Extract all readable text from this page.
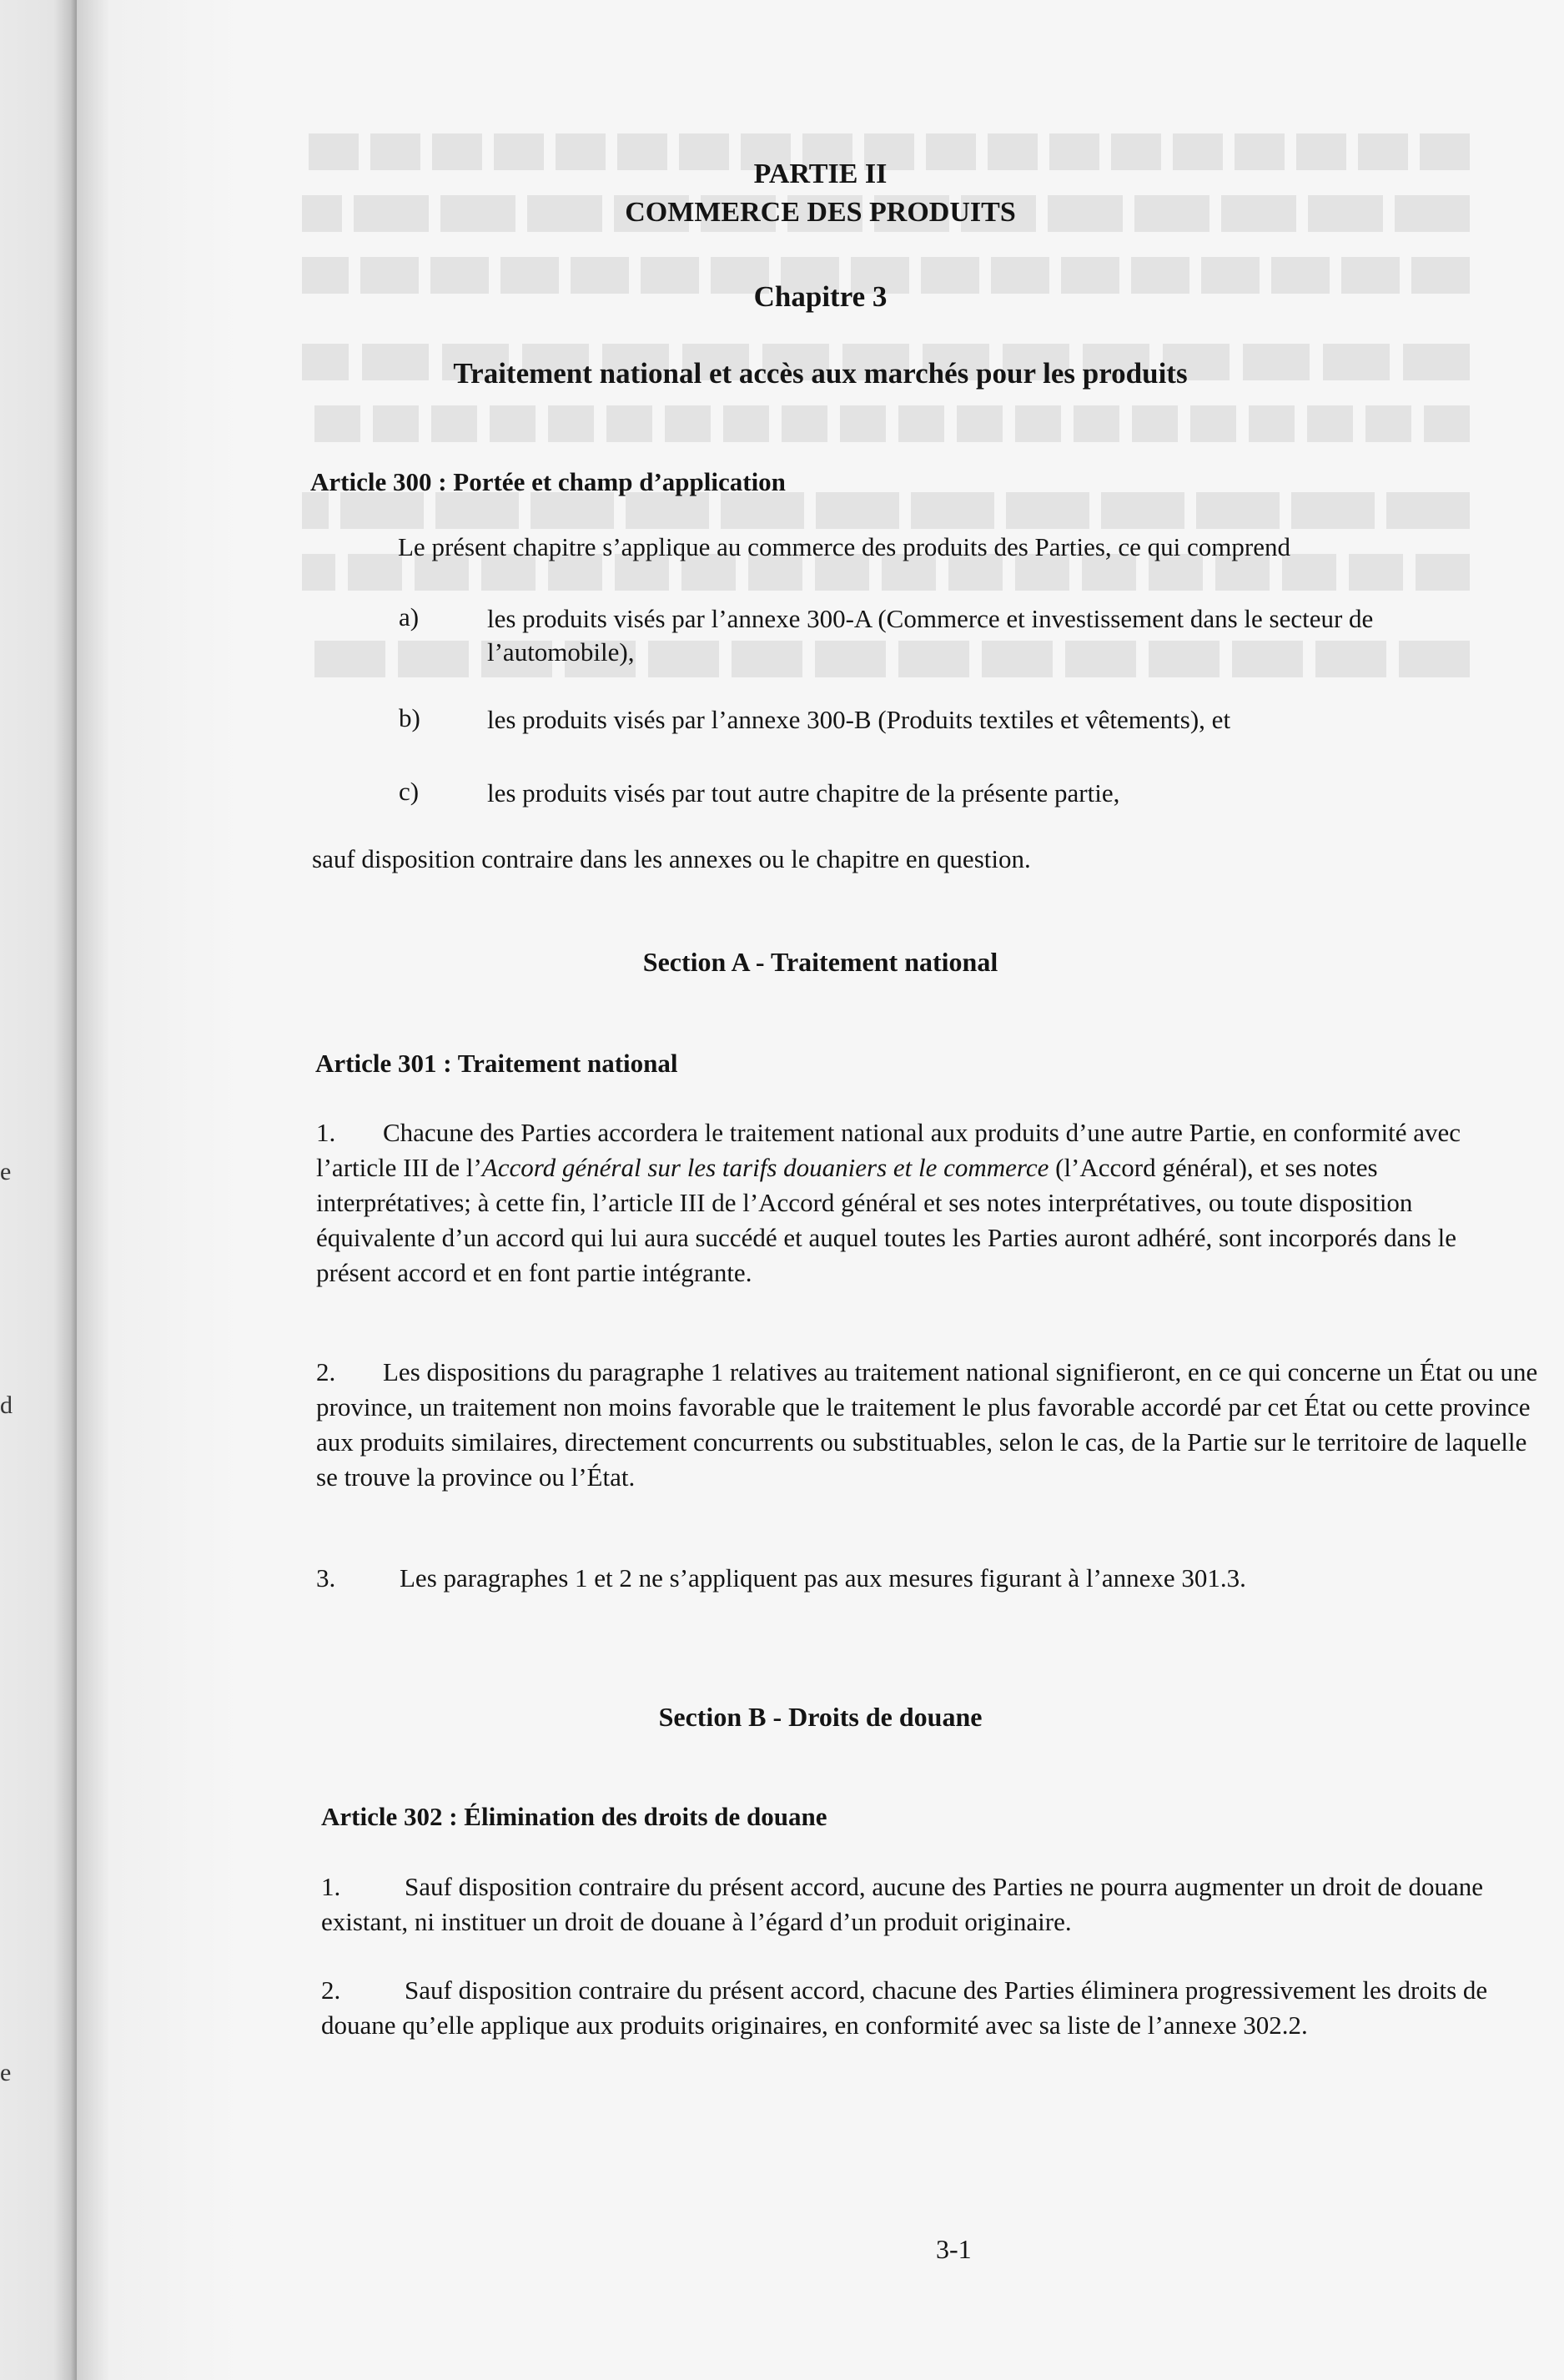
e
d
e
PARTIE II
COMMERCE DES PRODUITS
Chapitre 3
Traitement national et accès aux marchés pour les produits
Article 300 : Portée et champ d’application
Le présent chapitre s’applique au commerce des produits des Parties, ce qui comprend
a)	les produits visés par l’annexe 300-A (Commerce et investissement dans le secteur de l’automobile),
b)	les produits visés par l’annexe 300-B (Produits textiles et vêtements), et
c)	les produits visés par tout autre chapitre de la présente partie,
sauf disposition contraire dans les annexes ou le chapitre en question.
Section A - Traitement national
Article 301 : Traitement national
1. Chacune des Parties accordera le traitement national aux produits d’une autre Partie, en conformité avec l’article III de l’Accord général sur les tarifs douaniers et le commerce (l’Accord général), et ses notes interprétatives; à cette fin, l’article III de l’Accord général et ses notes interprétatives, ou toute disposition équivalente d’un accord qui lui aura succédé et auquel toutes les Parties auront adhéré, sont incorporés dans le présent accord et en font partie intégrante.
2. Les dispositions du paragraphe 1 relatives au traitement national signifieront, en ce qui concerne un État ou une province, un traitement non moins favorable que le traitement le plus favorable accordé par cet État ou cette province aux produits similaires, directement concurrents ou substituables, selon le cas, de la Partie sur le territoire de laquelle se trouve la province ou l’État.
3. Les paragraphes 1 et 2 ne s’appliquent pas aux mesures figurant à l’annexe 301.3.
Section B - Droits de douane
Article 302 : Élimination des droits de douane
1. Sauf disposition contraire du présent accord, aucune des Parties ne pourra augmenter un droit de douane existant, ni instituer un droit de douane à l’égard d’un produit originaire.
2. Sauf disposition contraire du présent accord, chacune des Parties éliminera progressivement les droits de douane qu’elle applique aux produits originaires, en conformité avec sa liste de l’annexe 302.2.
3-1
